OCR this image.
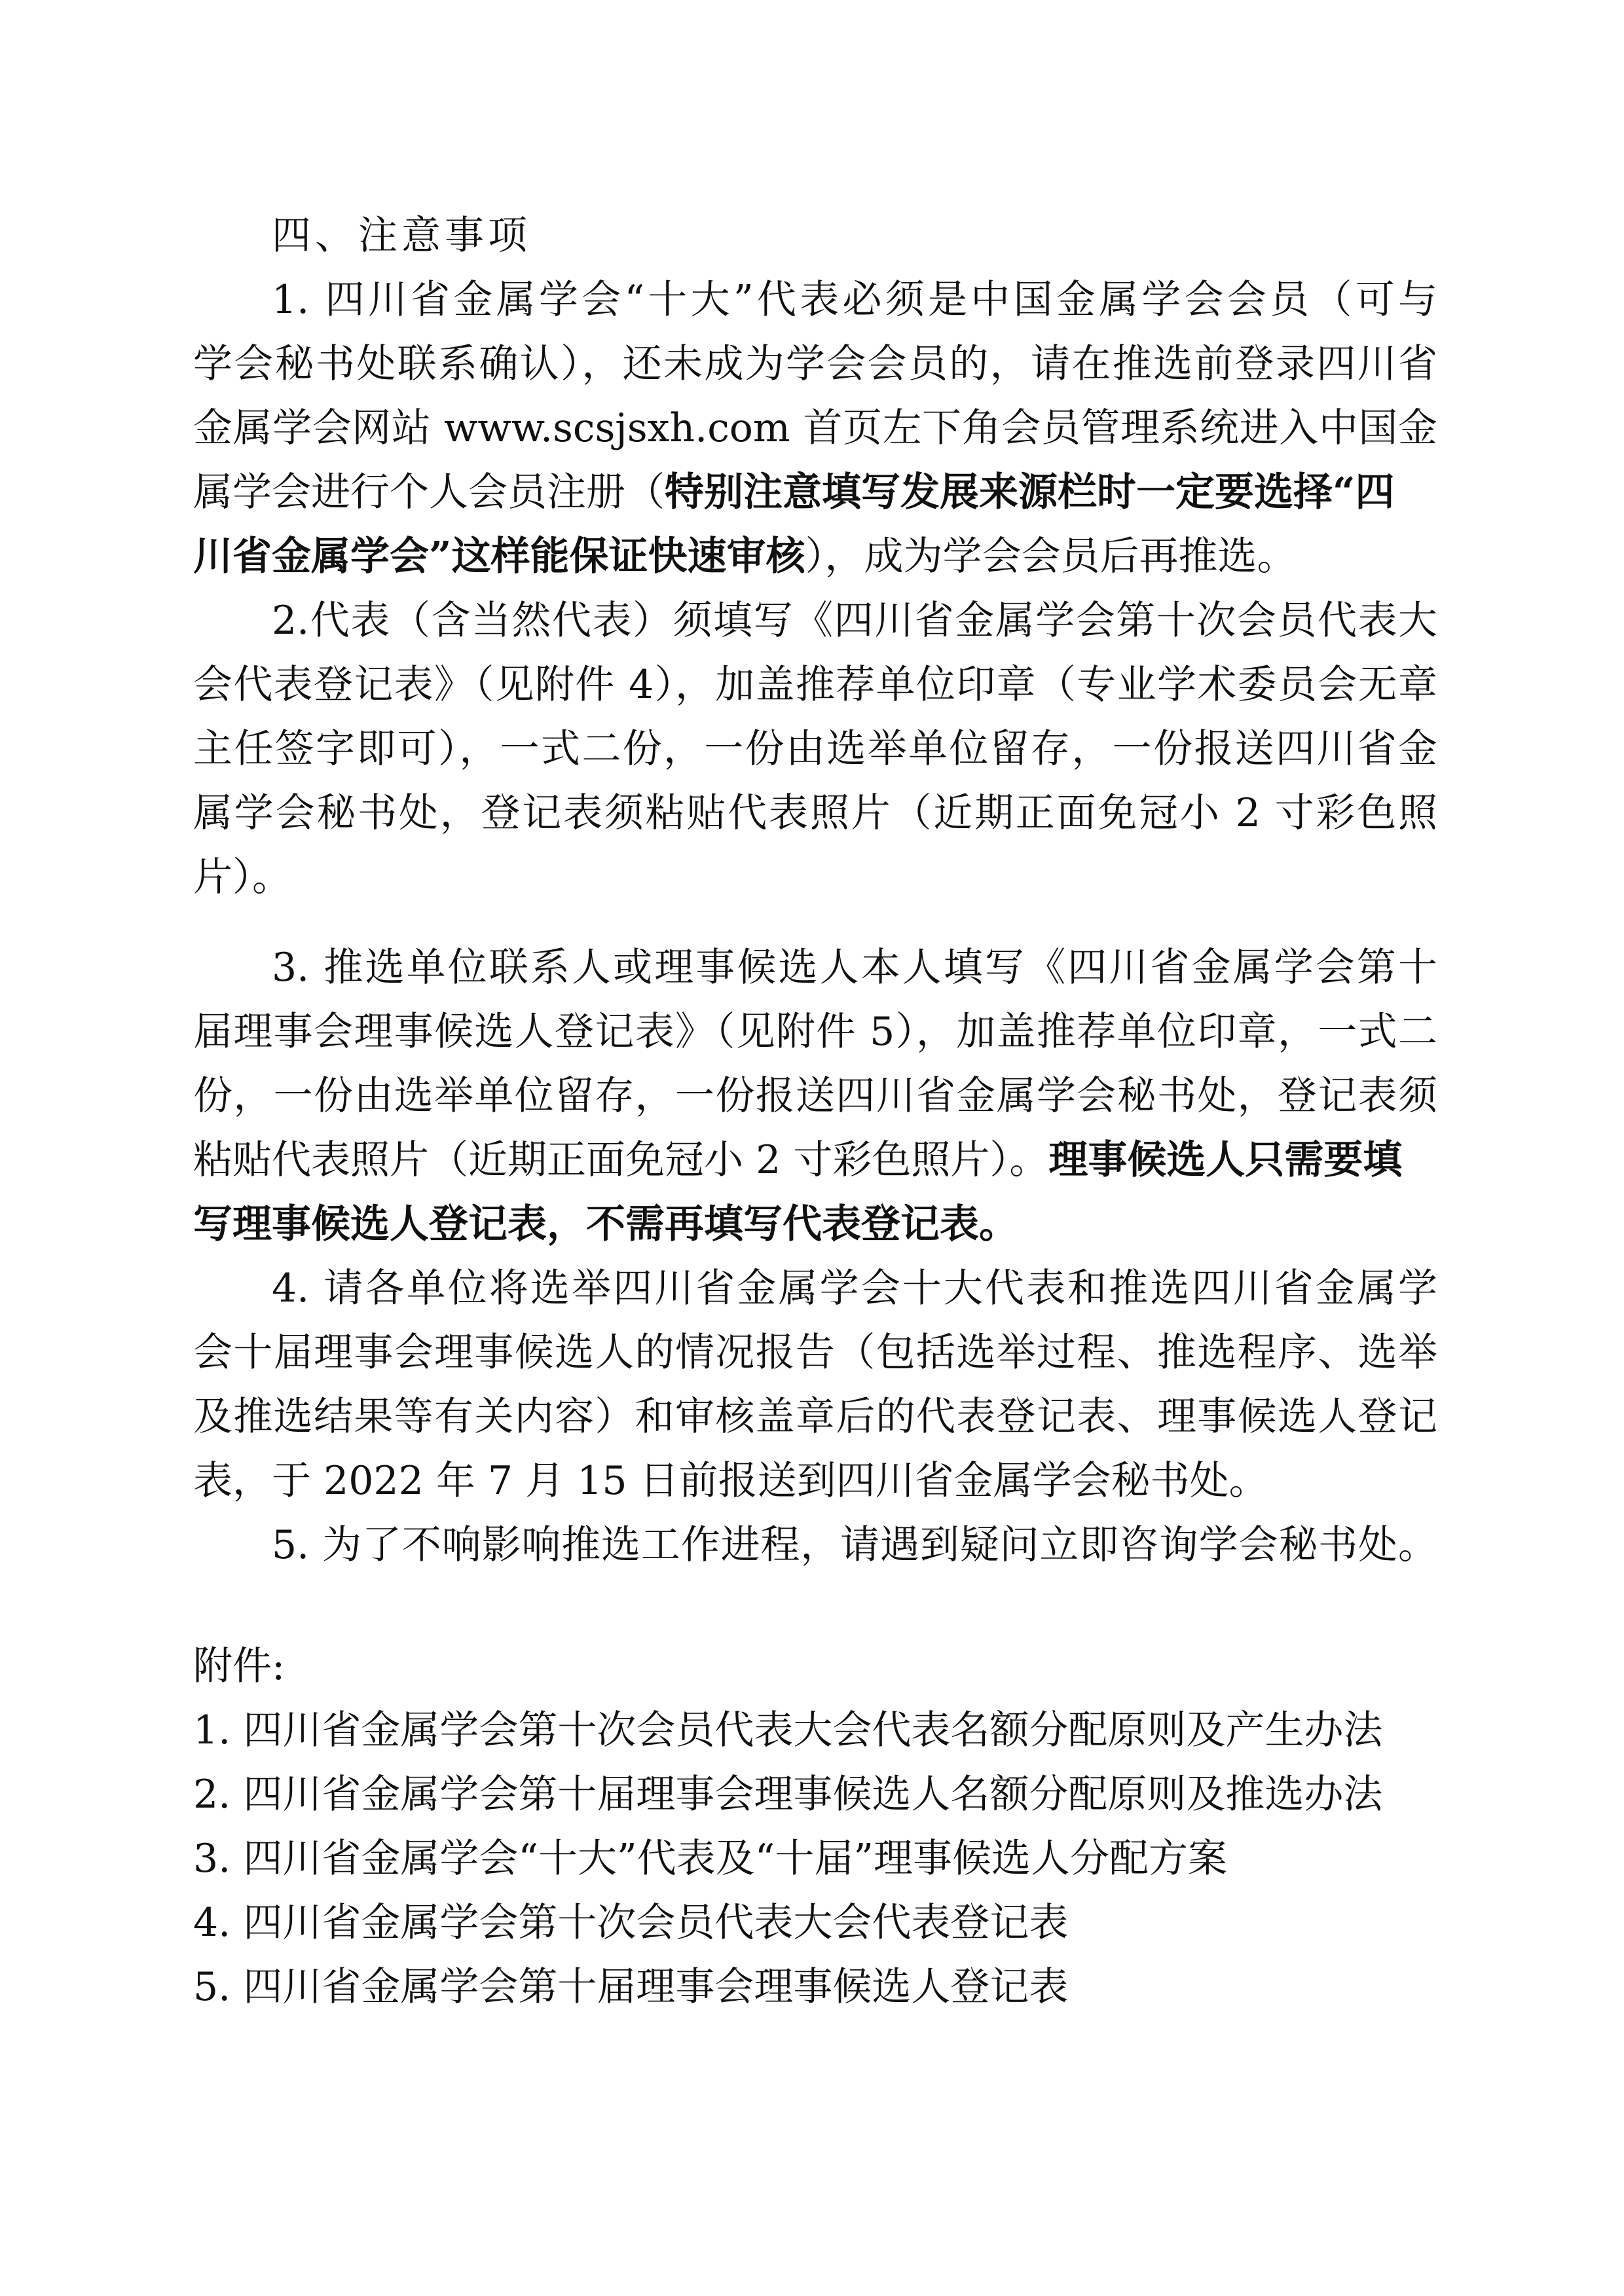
四、注意事项
1. 四川省金属学会“十大”代表必须是中国金属学会会员（可与
学会秘书处联系确认），还未成为学会会员的，请在推选前登录四川省
金属学会网站 www.scsjsxh.com 首页左下角会员管理系统进入中国金
属学会进行个人会员注册（特别注意填写发展来源栏时一定要选择“四
川省金属学会”这样能保证快速审核），成为学会会员后再推选。
2.代表（含当然代表）须填写《四川省金属学会第十次会员代表大
会代表登记表》（见附件 4），加盖推荐单位印章（专业学术委员会无章
主任签字即可），一式二份，一份由选举单位留存，一份报送四川省金
属学会秘书处，登记表须粘贴代表照片（近期正面免冠小 2 寸彩色照
片）。
3. 推选单位联系人或理事候选人本人填写《四川省金属学会第十
届理事会理事候选人登记表》（见附件 5），加盖推荐单位印章，一式二
份，一份由选举单位留存，一份报送四川省金属学会秘书处，登记表须
粘贴代表照片（近期正面免冠小 2 寸彩色照片）。理事候选人只需要填
写理事候选人登记表，不需再填写代表登记表。
4. 请各单位将选举四川省金属学会十大代表和推选四川省金属学
会十届理事会理事候选人的情况报告（包括选举过程、推选程序、选举
及推选结果等有关内容）和审核盖章后的代表登记表、理事候选人登记
表，于 2022 年 7 月 15 日前报送到四川省金属学会秘书处。
5. 为了不响影响推选工作进程，请遇到疑问立即咨询学会秘书处。
附件:
1. 四川省金属学会第十次会员代表大会代表名额分配原则及产生办法
2. 四川省金属学会第十届理事会理事候选人名额分配原则及推选办法
3. 四川省金属学会“十大”代表及“十届”理事候选人分配方案
4. 四川省金属学会第十次会员代表大会代表登记表
5. 四川省金属学会第十届理事会理事候选人登记表
